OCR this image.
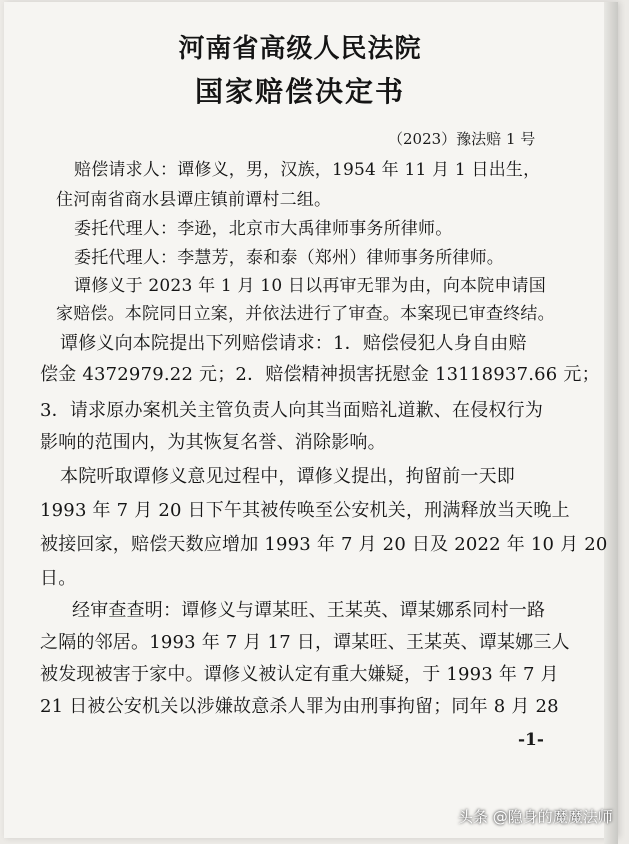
河南省高级人民法院
国家赔偿决定书
（2023）豫法赔 1 号
赔偿请求人：谭修义，男，汉族，1954 年 11 月 1 日出生，
住河南省商水县谭庄镇前谭村二组。
委托代理人：李逊，北京市大禹律师事务所律师。
委托代理人：李慧芳，泰和泰（郑州）律师事务所律师。
谭修义于 2023 年 1 月 10 日以再审无罪为由，向本院申请国
家赔偿。本院同日立案，并依法进行了审查。本案现已审查终结。
谭修义向本院提出下列赔偿请求：1．赔偿侵犯人身自由赔
偿金 4372979.22 元；2．赔偿精神损害抚慰金 13118937.66 元；
3．请求原办案机关主管负责人向其当面赔礼道歉、在侵权行为
影响的范围内，为其恢复名誉、消除影响。
本院听取谭修义意见过程中，谭修义提出，拘留前一天即
1993 年 7 月 20 日下午其被传唤至公安机关，刑满释放当天晚上
被接回家，赔偿天数应增加 1993 年 7 月 20 日及 2022 年 10 月 20
日。
经审查查明：谭修义与谭某旺、王某英、谭某娜系同村一路
之隔的邻居。1993 年 7 月 17 日，谭某旺、王某英、谭某娜三人
被发现被害于家中。谭修义被认定有重大嫌疑，于 1993 年 7 月
21 日被公安机关以涉嫌故意杀人罪为由刑事拘留；同年 8 月 28
-1-
头条 @隐身的魔魔法师
